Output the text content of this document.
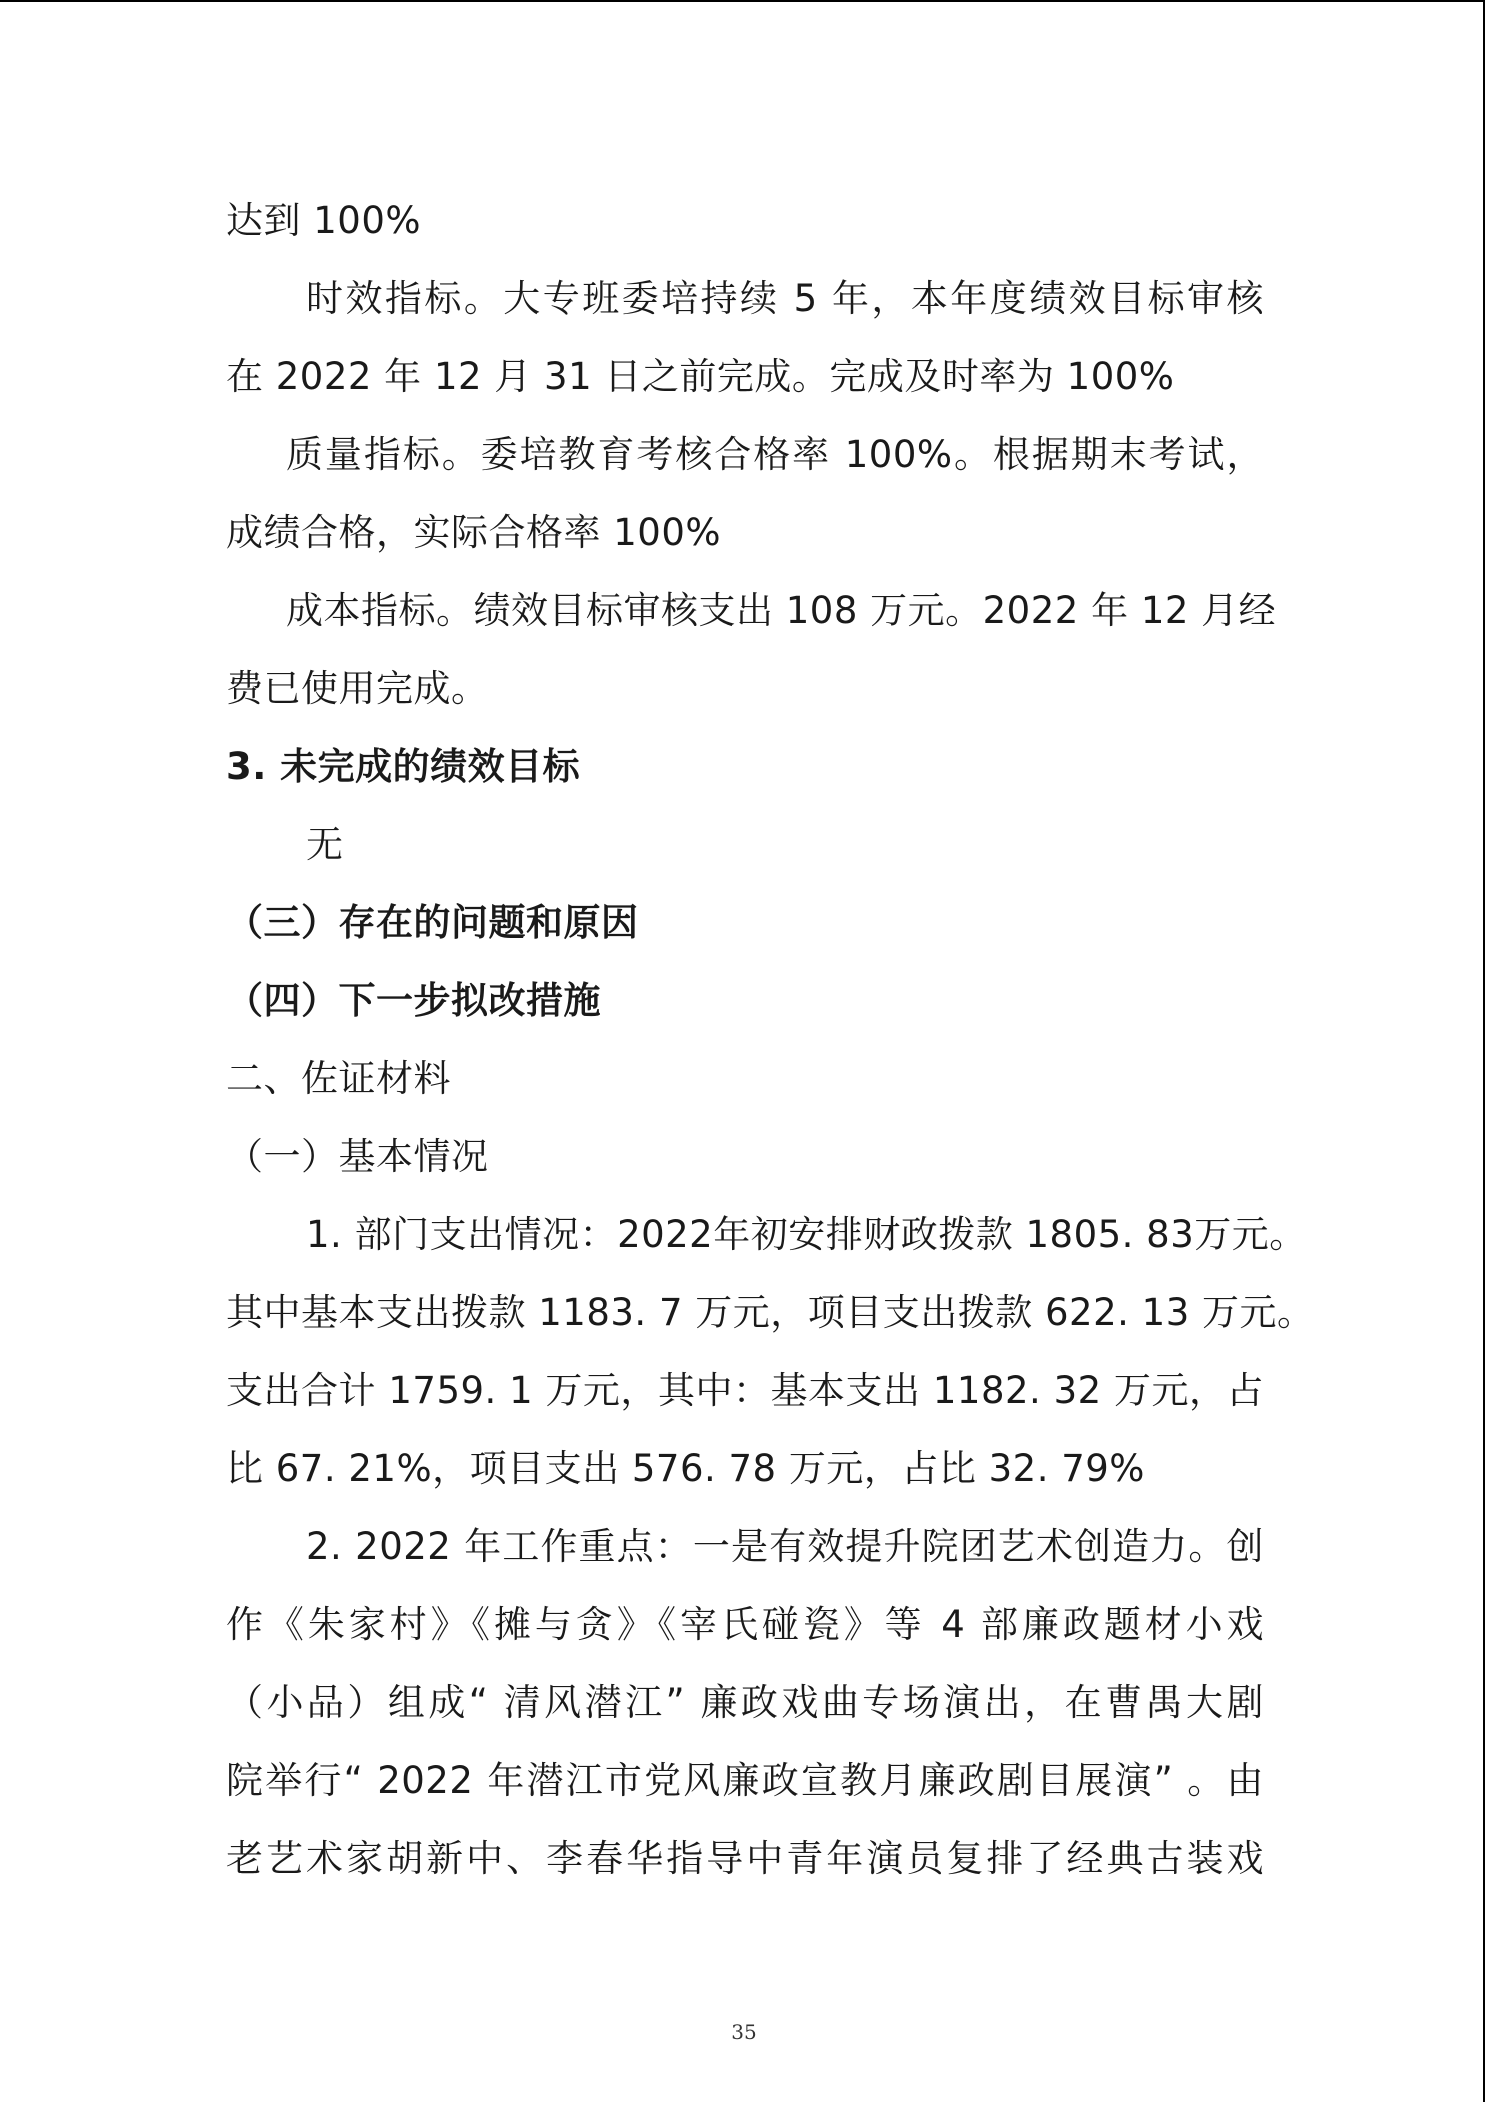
达到 100%
时效指标。大专班委培持续 5 年，本年度绩效目标审核
在 2022 年 12 月 31 日之前完成。完成及时率为 100%
质量指标。委培教育考核合格率 100%。根据期末考试，
成绩合格，实际合格率 100%
成本指标。绩效目标审核支出 108 万元。2022 年 12 月经
费已使用完成。
3. 未完成的绩效目标
无
（三）存在的问题和原因
（四）下一步拟改措施
二、佐证材料
（一）基本情况
1. 部门支出情况：2022年初安排财政拨款 1805. 83万元。
其中基本支出拨款 1183. 7 万元，项目支出拨款 622. 13 万元。
支出合计 1759. 1 万元，其中：基本支出 1182. 32 万元，占
比 67. 21%，项目支出 576. 78 万元，占比 32. 79%
2. 2022 年工作重点：一是有效提升院团艺术创造力。创
作《朱家村》《摊与贪》《宰氏碰瓷》等 4 部廉政题材小戏
（小品）组成“ 清风潜江” 廉政戏曲专场演出，在曹禺大剧
院举行“ 2022 年潜江市党风廉政宣教月廉政剧目展演” 。由
老艺术家胡新中、李春华指导中青年演员复排了经典古装戏
35
